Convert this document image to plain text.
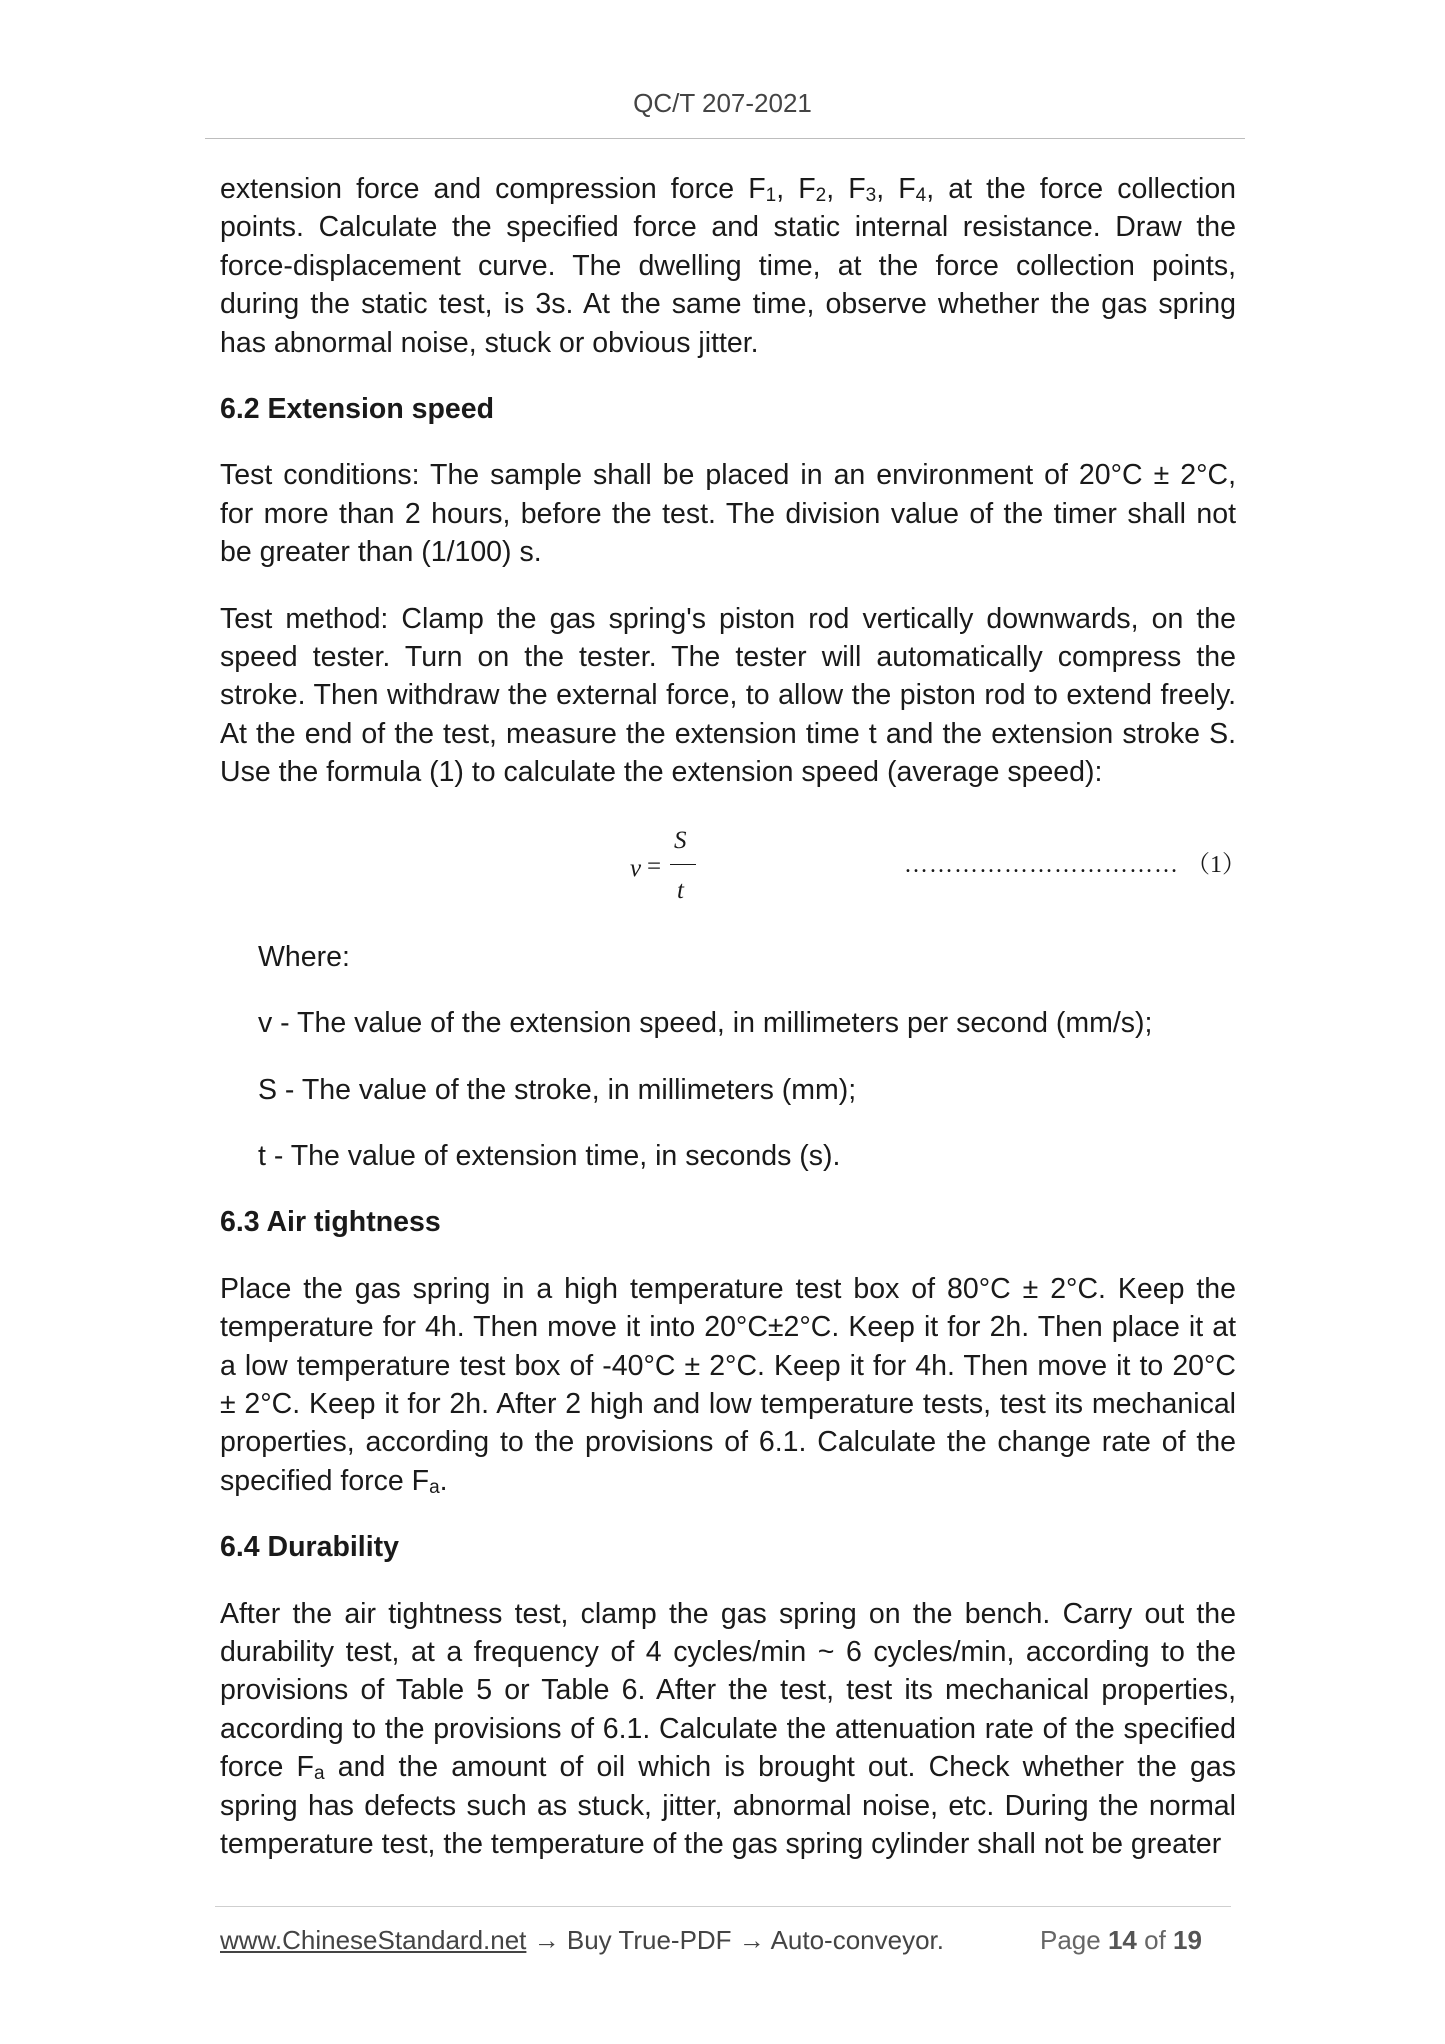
QC/T 207-2021

extension force and compression force $F_1$, $F_2$, $F_3$, $F_4$, at the force collection points. Calculate the specified force and static internal resistance. Draw the force-displacement curve. The dwelling time, at the force collection points, during the static test, is 3s. At the same time, observe whether the gas spring has abnormal noise, stuck or obvious jitter.

6.2 Extension speed

Test conditions: The sample shall be placed in an environment of 20°C ± 2°C, for more than 2 hours, before the test. The division value of the timer shall not be greater than (1/100) s.

Test method: Clamp the gas spring's piston rod vertically downwards, on the speed tester. Turn on the tester. The tester will automatically compress the stroke. Then withdraw the external force, to allow the piston rod to extend freely. At the end of the test, measure the extension time t and the extension stroke S. Use the formula (1) to calculate the extension speed (average speed):

v =
S
t
…………………………… （1）

Where:

v - The value of the extension speed, in millimeters per second (mm/s);

S - The value of the stroke, in millimeters (mm);

t - The value of extension time, in seconds (s).

6.3 Air tightness

Place the gas spring in a high temperature test box of 80°C ± 2°C. Keep the temperature for 4h. Then move it into 20°C±2°C. Keep it for 2h. Then place it at a low temperature test box of -40°C ± 2°C. Keep it for 4h. Then move it to 20°C ± 2°C. Keep it for 2h. After 2 high and low temperature tests, test its mechanical properties, according to the provisions of 6.1. Calculate the change rate of the specified force $F_a$.

6.4 Durability

After the air tightness test, clamp the gas spring on the bench. Carry out the durability test, at a frequency of 4 cycles/min ~ 6 cycles/min, according to the provisions of Table 5 or Table 6. After the test, test its mechanical properties, according to the provisions of 6.1. Calculate the attenuation rate of the specified force $F_a$ and the amount of oil which is brought out. Check whether the gas spring has defects such as stuck, jitter, abnormal noise, etc. During the normal temperature test, the temperature of the gas spring cylinder shall not be greater

www.ChineseStandard.net → Buy True-PDF → Auto-conveyor.	Page 14 of 19
